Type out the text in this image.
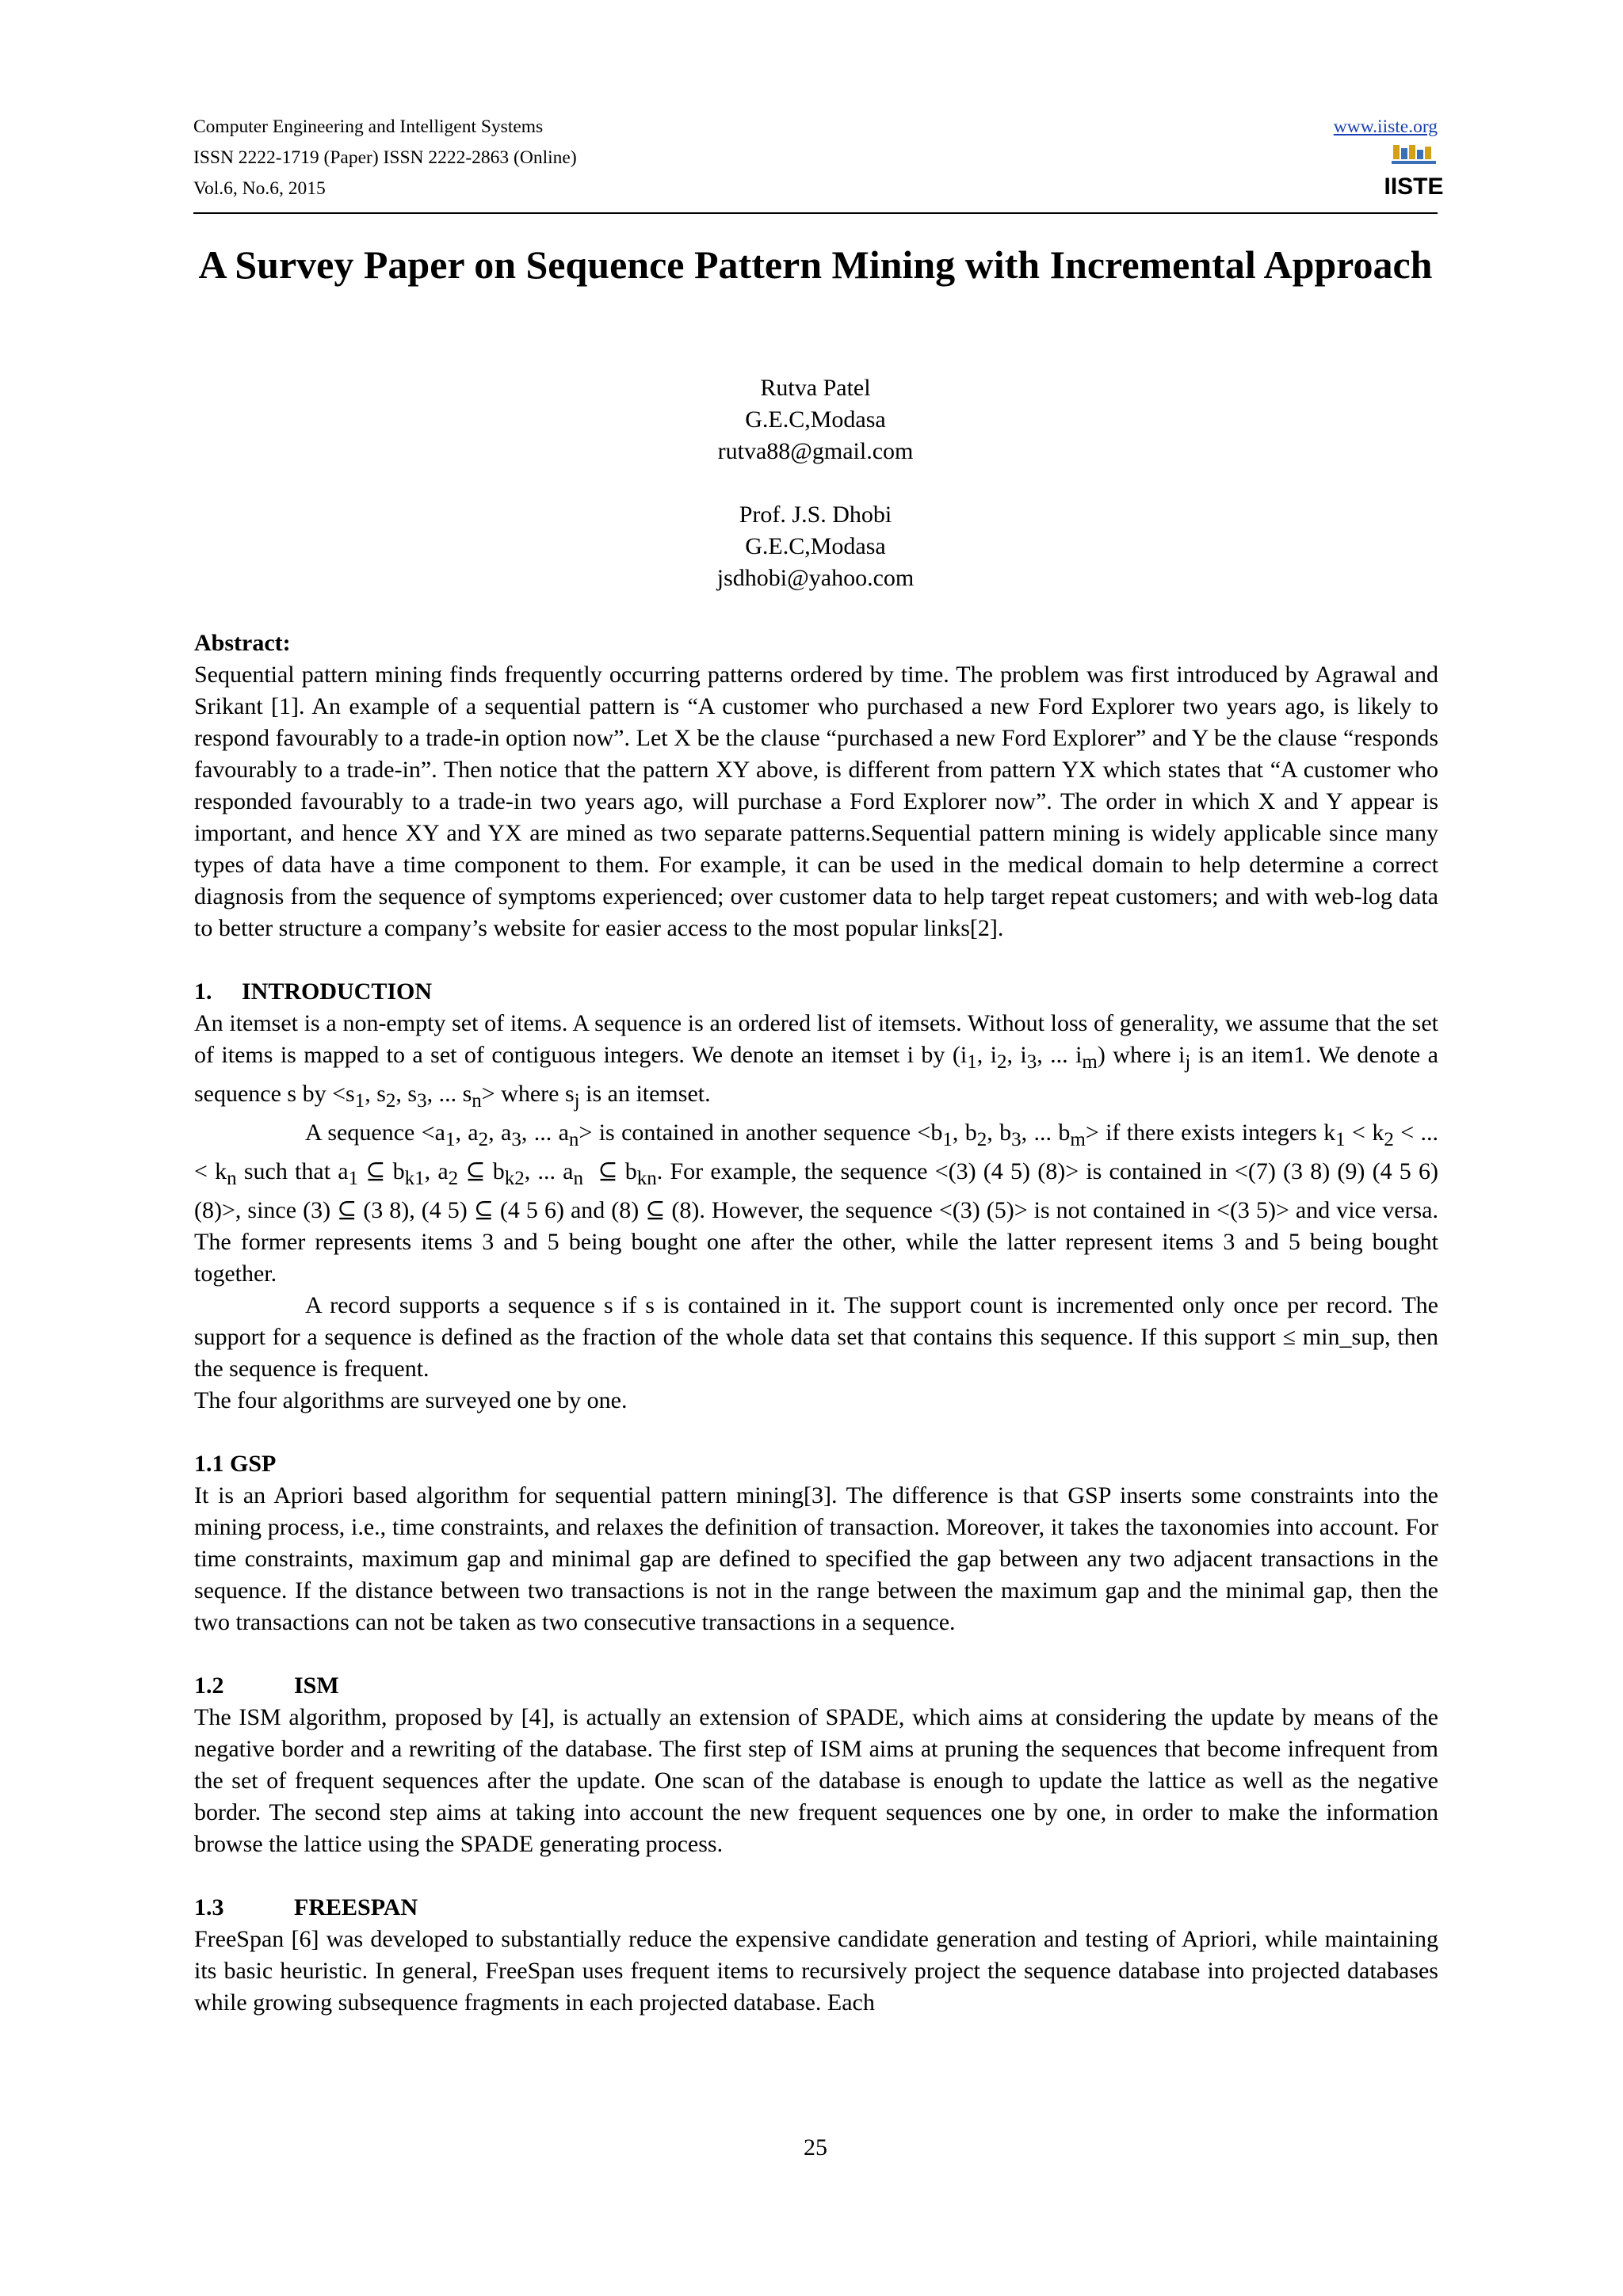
Computer Engineering and Intelligent Systems
ISSN 2222-1719 (Paper) ISSN 2222-2863 (Online)
Vol.6, No.6, 2015
www.iiste.org
IISTE
A Survey Paper on Sequence Pattern Mining with Incremental Approach
Rutva Patel
G.E.C,Modasa
rutva88@gmail.com
Prof. J.S. Dhobi
G.E.C,Modasa
jsdhobi@yahoo.com

Abstract:

Sequential pattern mining finds frequently occurring patterns ordered by time. The problem was first introduced by Agrawal and Srikant [1]. An example of a sequential pattern is “A customer who purchased a new Ford Explorer two years ago, is likely to respond favourably to a trade-in option now”. Let X be the clause “purchased a new Ford Explorer” and Y be the clause “responds favourably to a trade-in”. Then notice that the pattern XY above, is different from pattern YX which states that “A customer who responded favourably to a trade-in two years ago, will purchase a Ford Explorer now”. The order in which X and Y appear is important, and hence XY and YX are mined as two separate patterns.Sequential pattern mining is widely applicable since many types of data have a time component to them. For example, it can be used in the medical domain to help determine a correct diagnosis from the sequence of symptoms experienced; over customer data to help target repeat customers; and with web-log data to better structure a company’s website for easier access to the most popular links[2].

1. INTRODUCTION

An itemset is a non-empty set of items. A sequence is an ordered list of itemsets. Without loss of generality, we assume that the set of items is mapped to a set of contiguous integers. We denote an itemset i by ($i_1$, $i_2$, $i_3$, ... $i_m$) where $i_j$ is an item1. We denote a sequence s by $<s_1$, $s_2$, $s_3$, ... $s_n>$ where $s_j$ is an itemset.

A sequence $<a_1$, $a_2$, $a_3$, ... $a_n>$ is contained in another sequence $<b_1$, $b_2$, $b_3$, ... $b_m>$ if there exists integers $k_1 < k_2$ < ... < $k_n$ such that $a_1$ ⊆ $b_{k1}$, $a_2$ ⊆ $b_{k2}$, ... $a_n$  ⊆ $b_{kn}$. For example, the sequence <(3) (4 5) (8)> is contained in <(7) (3 8) (9) (4 5 6) (8)>, since (3) ⊆ (3 8), (4 5) ⊆ (4 5 6) and (8) ⊆ (8). However, the sequence <(3) (5)> is not contained in <(3 5)> and vice versa. The former represents items 3 and 5 being bought one after the other, while the latter represent items 3 and 5 being bought together.

A record supports a sequence s if s is contained in it. The support count is incremented only once per record. The support for a sequence is defined as the fraction of the whole data set that contains this sequence. If this support ≤ min_sup, then the sequence is frequent.

The four algorithms are surveyed one by one.

1.1 GSP

It is an Apriori based algorithm for sequential pattern mining[3]. The difference is that GSP inserts some constraints into the mining process, i.e., time constraints, and relaxes the definition of transaction. Moreover, it takes the taxonomies into account. For time constraints, maximum gap and minimal gap are defined to specified the gap between any two adjacent transactions in the sequence. If the distance between two transactions is not in the range between the maximum gap and the minimal gap, then the two transactions can not be taken as two consecutive transactions in a sequence.

1.2	ISM

The ISM algorithm, proposed by [4], is actually an extension of SPADE, which aims at considering the update by means of the negative border and a rewriting of the database. The first step of ISM aims at pruning the sequences that become infrequent from the set of frequent sequences after the update. One scan of the database is enough to update the lattice as well as the negative border. The second step aims at taking into account the new frequent sequences one by one, in order to make the information browse the lattice using the SPADE generating process.

1.3	FREESPAN

FreeSpan [6] was developed to substantially reduce the expensive candidate generation and testing of Apriori, while maintaining its basic heuristic. In general, FreeSpan uses frequent items to recursively project the sequence database into projected databases while growing subsequence fragments in each projected database. Each

25
